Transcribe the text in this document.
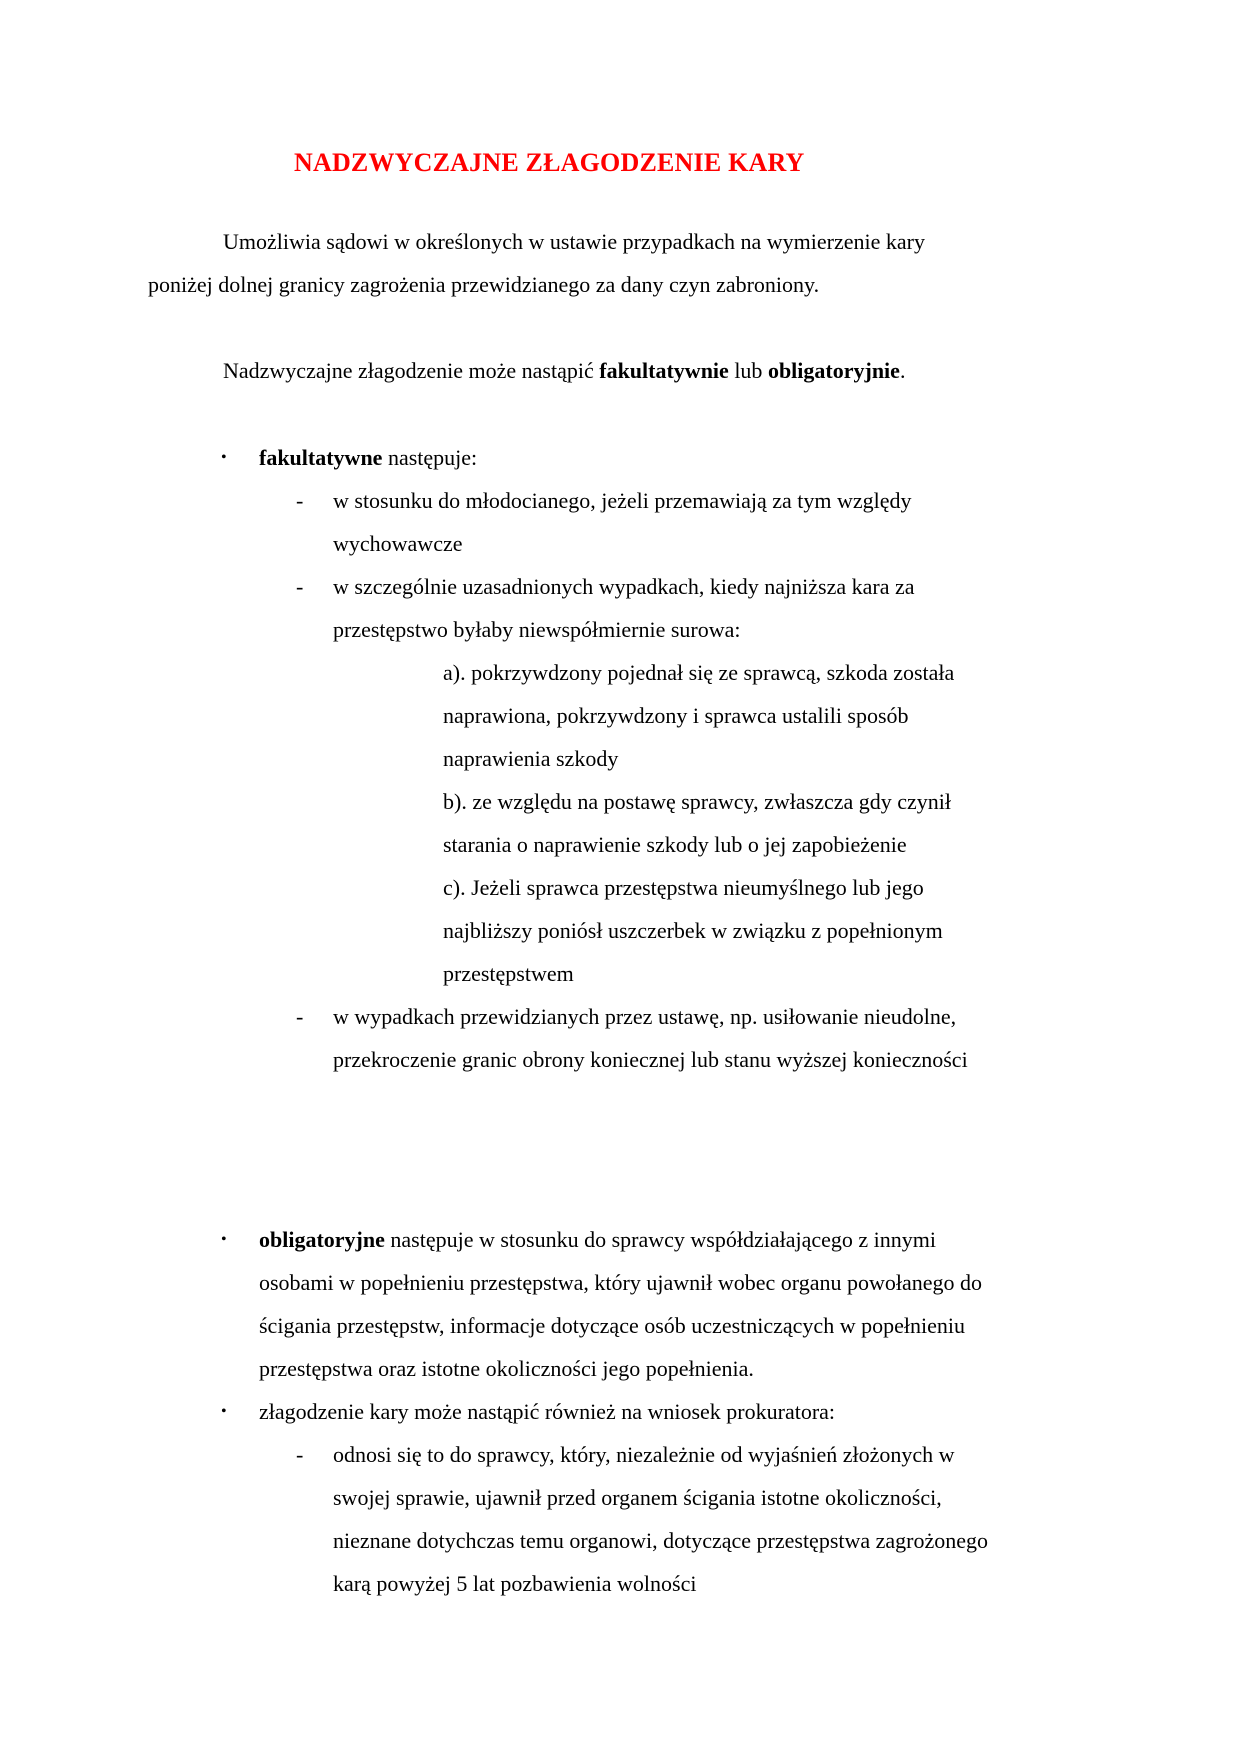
NADZWYCZAJNE ZŁAGODZENIE KARY
Umożliwia sądowi w określonych w ustawie przypadkach na wymierzenie kary
poniżej dolnej granicy zagrożenia przewidzianego za dany czyn zabroniony.
Nadzwyczajne złagodzenie może nastąpić fakultatywnie lub obligatoryjnie.
• fakultatywne następuje:
- w stosunku do młodocianego, jeżeli przemawiają za tym względy
wychowawcze
- w szczególnie uzasadnionych wypadkach, kiedy najniższa kara za
przestępstwo byłaby niewspółmiernie surowa:
a). pokrzywdzony pojednał się ze sprawcą, szkoda została
naprawiona, pokrzywdzony i sprawca ustalili sposób
naprawienia szkody
b). ze względu na postawę sprawcy, zwłaszcza gdy czynił
starania o naprawienie szkody lub o jej zapobieżenie
c). Jeżeli sprawca przestępstwa nieumyślnego lub jego
najbliższy poniósł uszczerbek w związku z popełnionym
przestępstwem
- w wypadkach przewidzianych przez ustawę, np. usiłowanie nieudolne,
przekroczenie granic obrony koniecznej lub stanu wyższej konieczności
• obligatoryjne następuje w stosunku do sprawcy współdziałającego z innymi
osobami w popełnieniu przestępstwa, który ujawnił wobec organu powołanego do
ścigania przestępstw, informacje dotyczące osób uczestniczących w popełnieniu
przestępstwa oraz istotne okoliczności jego popełnienia.
• złagodzenie kary może nastąpić również na wniosek prokuratora:
- odnosi się to do sprawcy, który, niezależnie od wyjaśnień złożonych w
swojej sprawie, ujawnił przed organem ścigania istotne okoliczności,
nieznane dotychczas temu organowi, dotyczące przestępstwa zagrożonego
karą powyżej 5 lat pozbawienia wolności
